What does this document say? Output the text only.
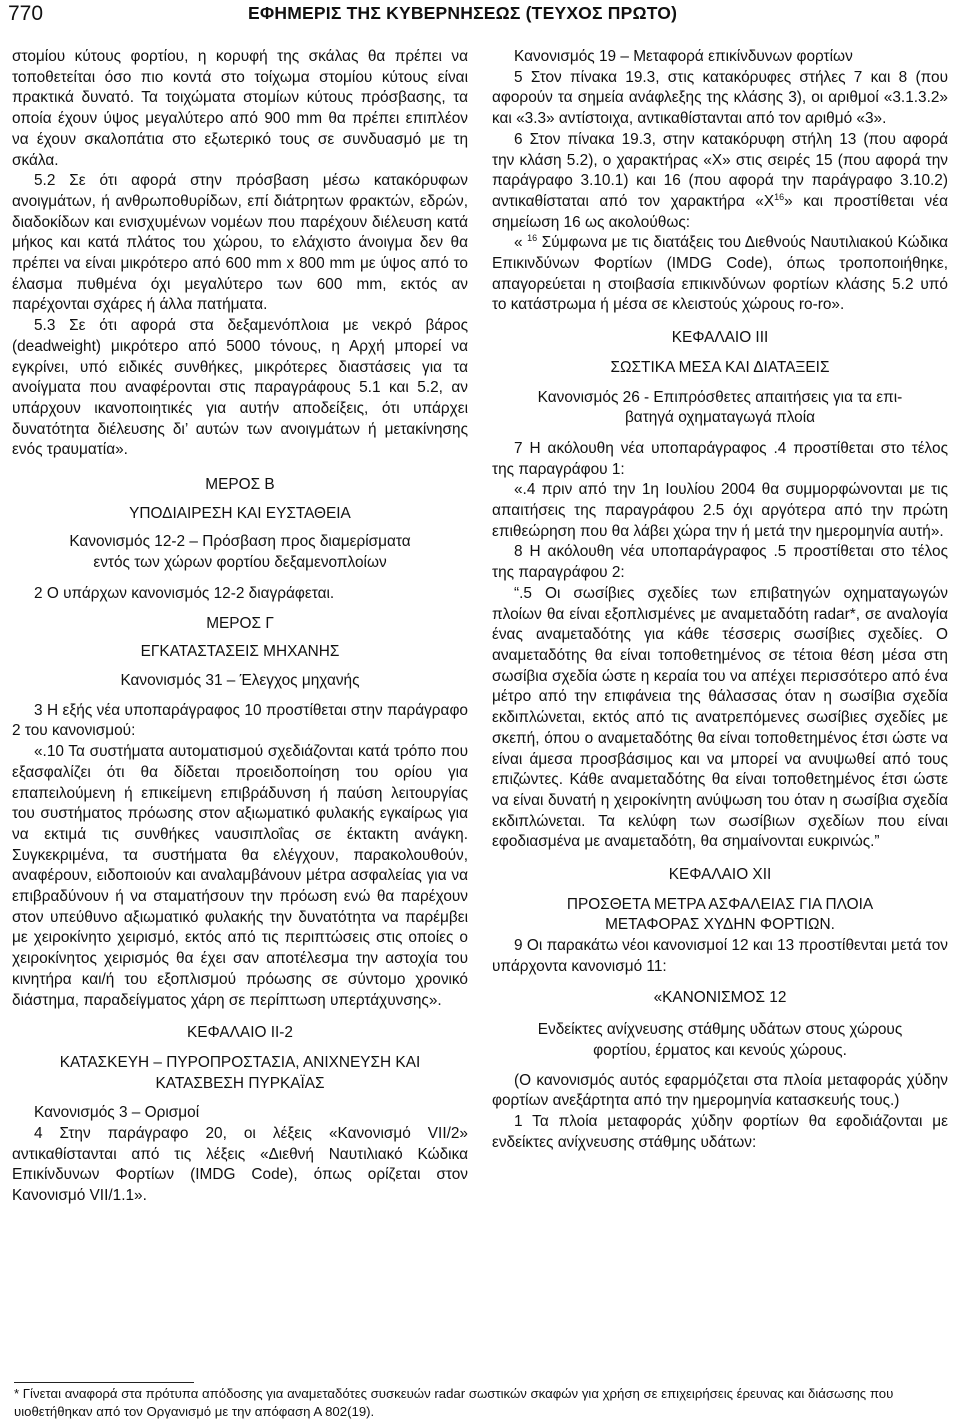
770	ΕΦΗΜΕΡΙΣ ΤΗΣ ΚΥΒΕΡΝΗΣΕΩΣ (ΤΕΥΧΟΣ ΠΡΩΤΟ)

στομίου κύτους φορτίου, η κορυφή της σκάλας θα πρέπει να τοποθετείται όσο πιο κοντά στο τοίχωμα στομίου κύτους είναι πρακτικά δυνατό. Τα τοιχώματα στομίων κύτους πρόσβασης, τα οποία έχουν ύψος μεγαλύτερο από 900 mm θα πρέπει επιπλέον να έχουν σκαλοπάτια στο εξωτερικό τους σε συνδυασμό με τη σκάλα.

5.2 Σε ότι αφορά στην πρόσβαση μέσω κατακόρυφων ανοιγμάτων, ή ανθρωποθυρίδων, επί διάτρητων φρακτών, εδρών, διαδοκίδων και ενισχυμένων νομέων που παρέχουν διέλευση κατά μήκος και κατά πλάτος του χώρου, το ελάχιστο άνοιγμα δεν θα πρέπει να είναι μικρότερο από 600 mm x 800 mm με ύψος από το έλασμα πυθμένα όχι μεγαλύτερο των 600 mm, εκτός αν παρέχονται σχάρες ή άλλα πατήματα.

5.3 Σε ότι αφορά στα δεξαμενόπλοια με νεκρό βάρος (deadweight) μικρότερο από 5000 τόνους, η Αρχή μπορεί να εγκρίνει, υπό ειδικές συνθήκες, μικρότερες διαστάσεις για τα ανοίγματα που αναφέρονται στις παραγράφους 5.1 και 5.2, αν υπάρχουν ικανοποιητικές για αυτήν αποδείξεις, ότι υπάρχει δυνατότητα διέλευσης δι’ αυτών των ανοιγμάτων ή μετακίνησης ενός τραυματία».

ΜΕΡΟΣ Β
ΥΠΟΔΙΑΙΡΕΣΗ ΚΑΙ ΕΥΣΤΑΘΕΙΑ
Κανονισμός 12-2 – Πρόσβαση προς διαμερίσματα
εντός των χώρων φορτίου δεξαμενοπλοίων

2 Ο υπάρχων κανονισμός 12-2 διαγράφεται.

ΜΕΡΟΣ Γ
ΕΓΚΑΤΑΣΤΑΣΕΙΣ ΜΗΧΑΝΗΣ
Κανονισμός 31 – Έλεγχος μηχανής

3 Η εξής νέα υποπαράγραφος 10 προστίθεται στην παράγραφο 2 του κανονισμού:

«.10 Τα συστήματα αυτοματισμού σχεδιάζονται κατά τρόπο που εξασφαλίζει ότι θα δίδεται προειδοποίηση του ορίου για επαπειλούμενη ή επικείμενη επιβράδυνση ή παύση λειτουργίας του συστήματος πρόωσης στον αξιωματικό φυλακής εγκαίρως για να εκτιμά τις συνθήκες ναυσιπλοΐας σε έκτακτη ανάγκη. Συγκεκριμένα, τα συστήματα θα ελέγχουν, παρακολουθούν, αναφέρουν, ειδοποιούν και αναλαμβάνουν μέτρα ασφαλείας για να επιβραδύνουν ή να σταματήσουν την πρόωση ενώ θα παρέχουν στον υπεύθυνο αξιωματικό φυλακής την δυνατότητα να παρέμβει με χειροκίνητο χειρισμό, εκτός από τις περιπτώσεις στις οποίες ο χειροκίνητος χειρισμός θα έχει σαν αποτέλεσμα την αστοχία του κινητήρα και/ή του εξοπλισμού πρόωσης σε σύντομο χρονικό διάστημα, παραδείγματος χάρη σε περίπτωση υπερτάχυνσης».

ΚΕΦΑΛΑΙΟ ΙΙ-2
ΚΑΤΑΣΚΕΥΗ – ΠΥΡΟΠΡΟΣΤΑΣΙΑ, ΑΝΙΧΝΕΥΣΗ ΚΑΙ
ΚΑΤΑΣΒΕΣΗ ΠΥΡΚΑΪΑΣ

Κανονισμός 3 – Ορισμοί

4 Στην παράγραφο 20, οι λέξεις «Κανονισμό VII/2» αντικαθίστανται από τις λέξεις «Διεθνή Ναυτιλιακό Κώδικα Επικίνδυνων Φορτίων (IMDG Code), όπως ορίζεται στον Κανονισμό VII/1.1».

Κανονισμός 19 – Μεταφορά επικίνδυνων φορτίων

5 Στον πίνακα 19.3, στις κατακόρυφες στήλες 7 και 8 (που αφορούν τα σημεία ανάφλεξης της κλάσης 3), οι αριθμοί «3.1.3.2» και «3.3» αντίστοιχα, αντικαθίστανται από τον αριθμό «3».

6 Στον πίνακα 19.3, στην κατακόρυφη στήλη 13 (που αφορά την κλάση 5.2), ο χαρακτήρας «X» στις σειρές 15 (που αφορά την παράγραφο 3.10.1) και 16 (που αφορά την παράγραφο 3.10.2) αντικαθίσταται από τον χαρακτήρα «$X^{16}$» και προστίθεται νέα σημείωση 16 ως ακολούθως:

« $^{16}$ Σύμφωνα με τις διατάξεις του Διεθνούς Ναυτιλιακού Κώδικα Επικινδύνων Φορτίων (IMDG Code), όπως τροποποιήθηκε, απαγορεύεται η στοιβασία επικινδύνων φορτίων κλάσης 5.2 υπό το κατάστρωμα ή μέσα σε κλειστούς χώρους ro-ro».

ΚΕΦΑΛΑΙΟ ΙΙΙ
ΣΩΣΤΙΚΑ ΜΕΣΑ ΚΑΙ ΔΙΑΤΑΞΕΙΣ
Κανονισμός 26 - Επιπρόσθετες απαιτήσεις για τα επι-
βατηγά οχηματαγωγά πλοία

7 Η ακόλουθη νέα υποπαράγραφος .4 προστίθεται στο τέλος της παραγράφου 1:

«.4 πριν από την 1η Ιουλίου 2004 θα συμμορφώνονται με τις απαιτήσεις της παραγράφου 2.5 όχι αργότερα από την πρώτη επιθεώρηση που θα λάβει χώρα την ή μετά την ημερομηνία αυτή».

8 Η ακόλουθη νέα υποπαράγραφος .5 προστίθεται στο τέλος της παραγράφου 2:

“.5 Οι σωσίβιες σχεδίες των επιβατηγών οχηματαγωγών πλοίων θα είναι εξοπλισμένες με αναμεταδότη radar*, σε αναλογία ένας αναμεταδότης για κάθε τέσσερις σωσίβιες σχεδίες. Ο αναμεταδότης θα είναι τοποθετημένος σε τέτοια θέση μέσα στη σωσίβια σχεδία ώστε η κεραία του να απέχει περισσότερο από ένα μέτρο από την επιφάνεια της θάλασσας όταν η σωσίβια σχεδία εκδιπλώνεται, εκτός από τις ανατρεπόμενες σωσίβιες σχεδίες με σκεπή, όπου ο αναμεταδότης θα είναι τοποθετημένος έτσι ώστε να είναι άμεσα προσβάσιμος και να μπορεί να ανυψωθεί από τους επιζώντες. Κάθε αναμεταδότης θα είναι τοποθετημένος έτσι ώστε να είναι δυνατή η χειροκίνητη ανύψωση του όταν η σωσίβια σχεδία εκδιπλώνεται. Τα κελύφη των σωσίβιων σχεδίων που είναι εφοδιασμένα με αναμεταδότη, θα σημαίνονται ευκρινώς.”

ΚΕΦΑΛΑΙΟ XII
ΠΡΟΣΘΕΤΑ ΜΕΤΡΑ ΑΣΦΑΛΕΙΑΣ ΓΙΑ ΠΛΟΙΑ
ΜΕΤΑΦΟΡΑΣ ΧΥΔΗΝ ΦΟΡΤΙΩΝ.

9 Οι παρακάτω νέοι κανονισμοί 12 και 13 προστίθενται μετά τον υπάρχοντα κανονισμό 11:

«ΚΑΝΟΝΙΣΜΟΣ 12
Ενδείκτες ανίχνευσης στάθμης υδάτων στους χώρους
φορτίου, έρματος και κενούς χώρους.

(Ο κανονισμός αυτός εφαρμόζεται στα πλοία μεταφοράς χύδην φορτίων ανεξάρτητα από την ημερομηνία κατασκευής τους.)

1 Τα πλοία μεταφοράς χύδην φορτίων θα εφοδιάζονται με ενδείκτες ανίχνευσης στάθμης υδάτων:

* Γίνεται αναφορά στα πρότυπα απόδοσης για αναμεταδότες συσκευών radar σωστικών σκαφών για χρήση σε επιχειρήσεις έρευνας και διάσωσης που υιοθετήθηκαν από τον Οργανισμό με την απόφαση Α 802(19).
